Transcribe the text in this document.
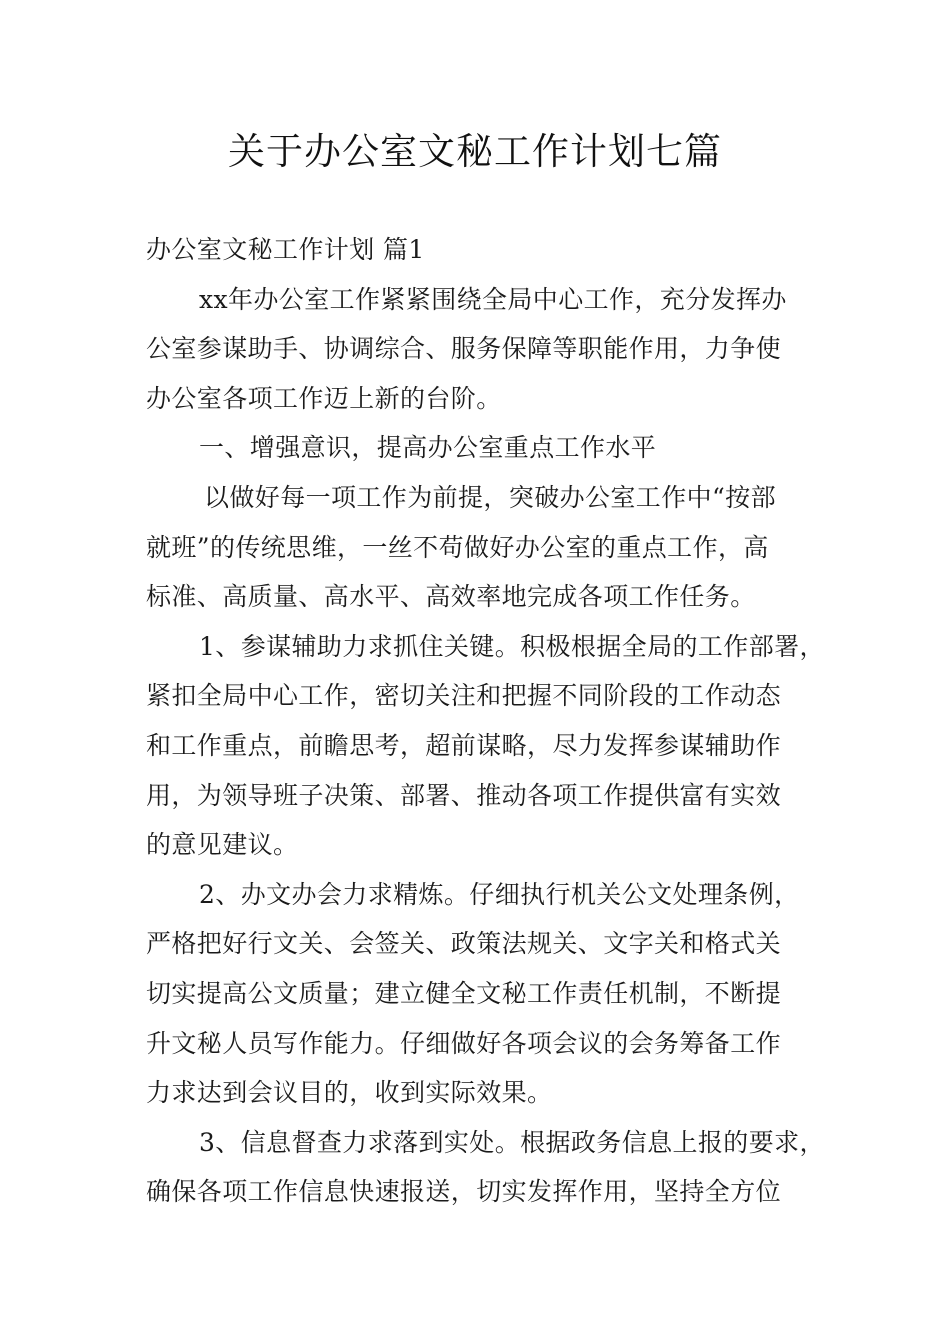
关于办公室文秘工作计划七篇
办公室文秘工作计划 篇1
xx年办公室工作紧紧围绕全局中心工作，充分发挥办
公室参谋助手、协调综合、服务保障等职能作用，力争使
办公室各项工作迈上新的台阶。
一、增强意识，提高办公室重点工作水平
以做好每一项工作为前提，突破办公室工作中“按部
就班”的传统思维，一丝不苟做好办公室的重点工作，高
标准、高质量、高水平、高效率地完成各项工作任务。
1、参谋辅助力求抓住关键。积极根据全局的工作部署，
紧扣全局中心工作，密切关注和把握不同阶段的工作动态
和工作重点，前瞻思考，超前谋略，尽力发挥参谋辅助作
用，为领导班子决策、部署、推动各项工作提供富有实效
的意见建议。
2、办文办会力求精炼。仔细执行机关公文处理条例，
严格把好行文关、会签关、政策法规关、文字关和格式关
切实提高公文质量；建立健全文秘工作责任机制，不断提
升文秘人员写作能力。仔细做好各项会议的会务筹备工作
力求达到会议目的，收到实际效果。
3、信息督查力求落到实处。根据政务信息上报的要求，
确保各项工作信息快速报送，切实发挥作用，坚持全方位
